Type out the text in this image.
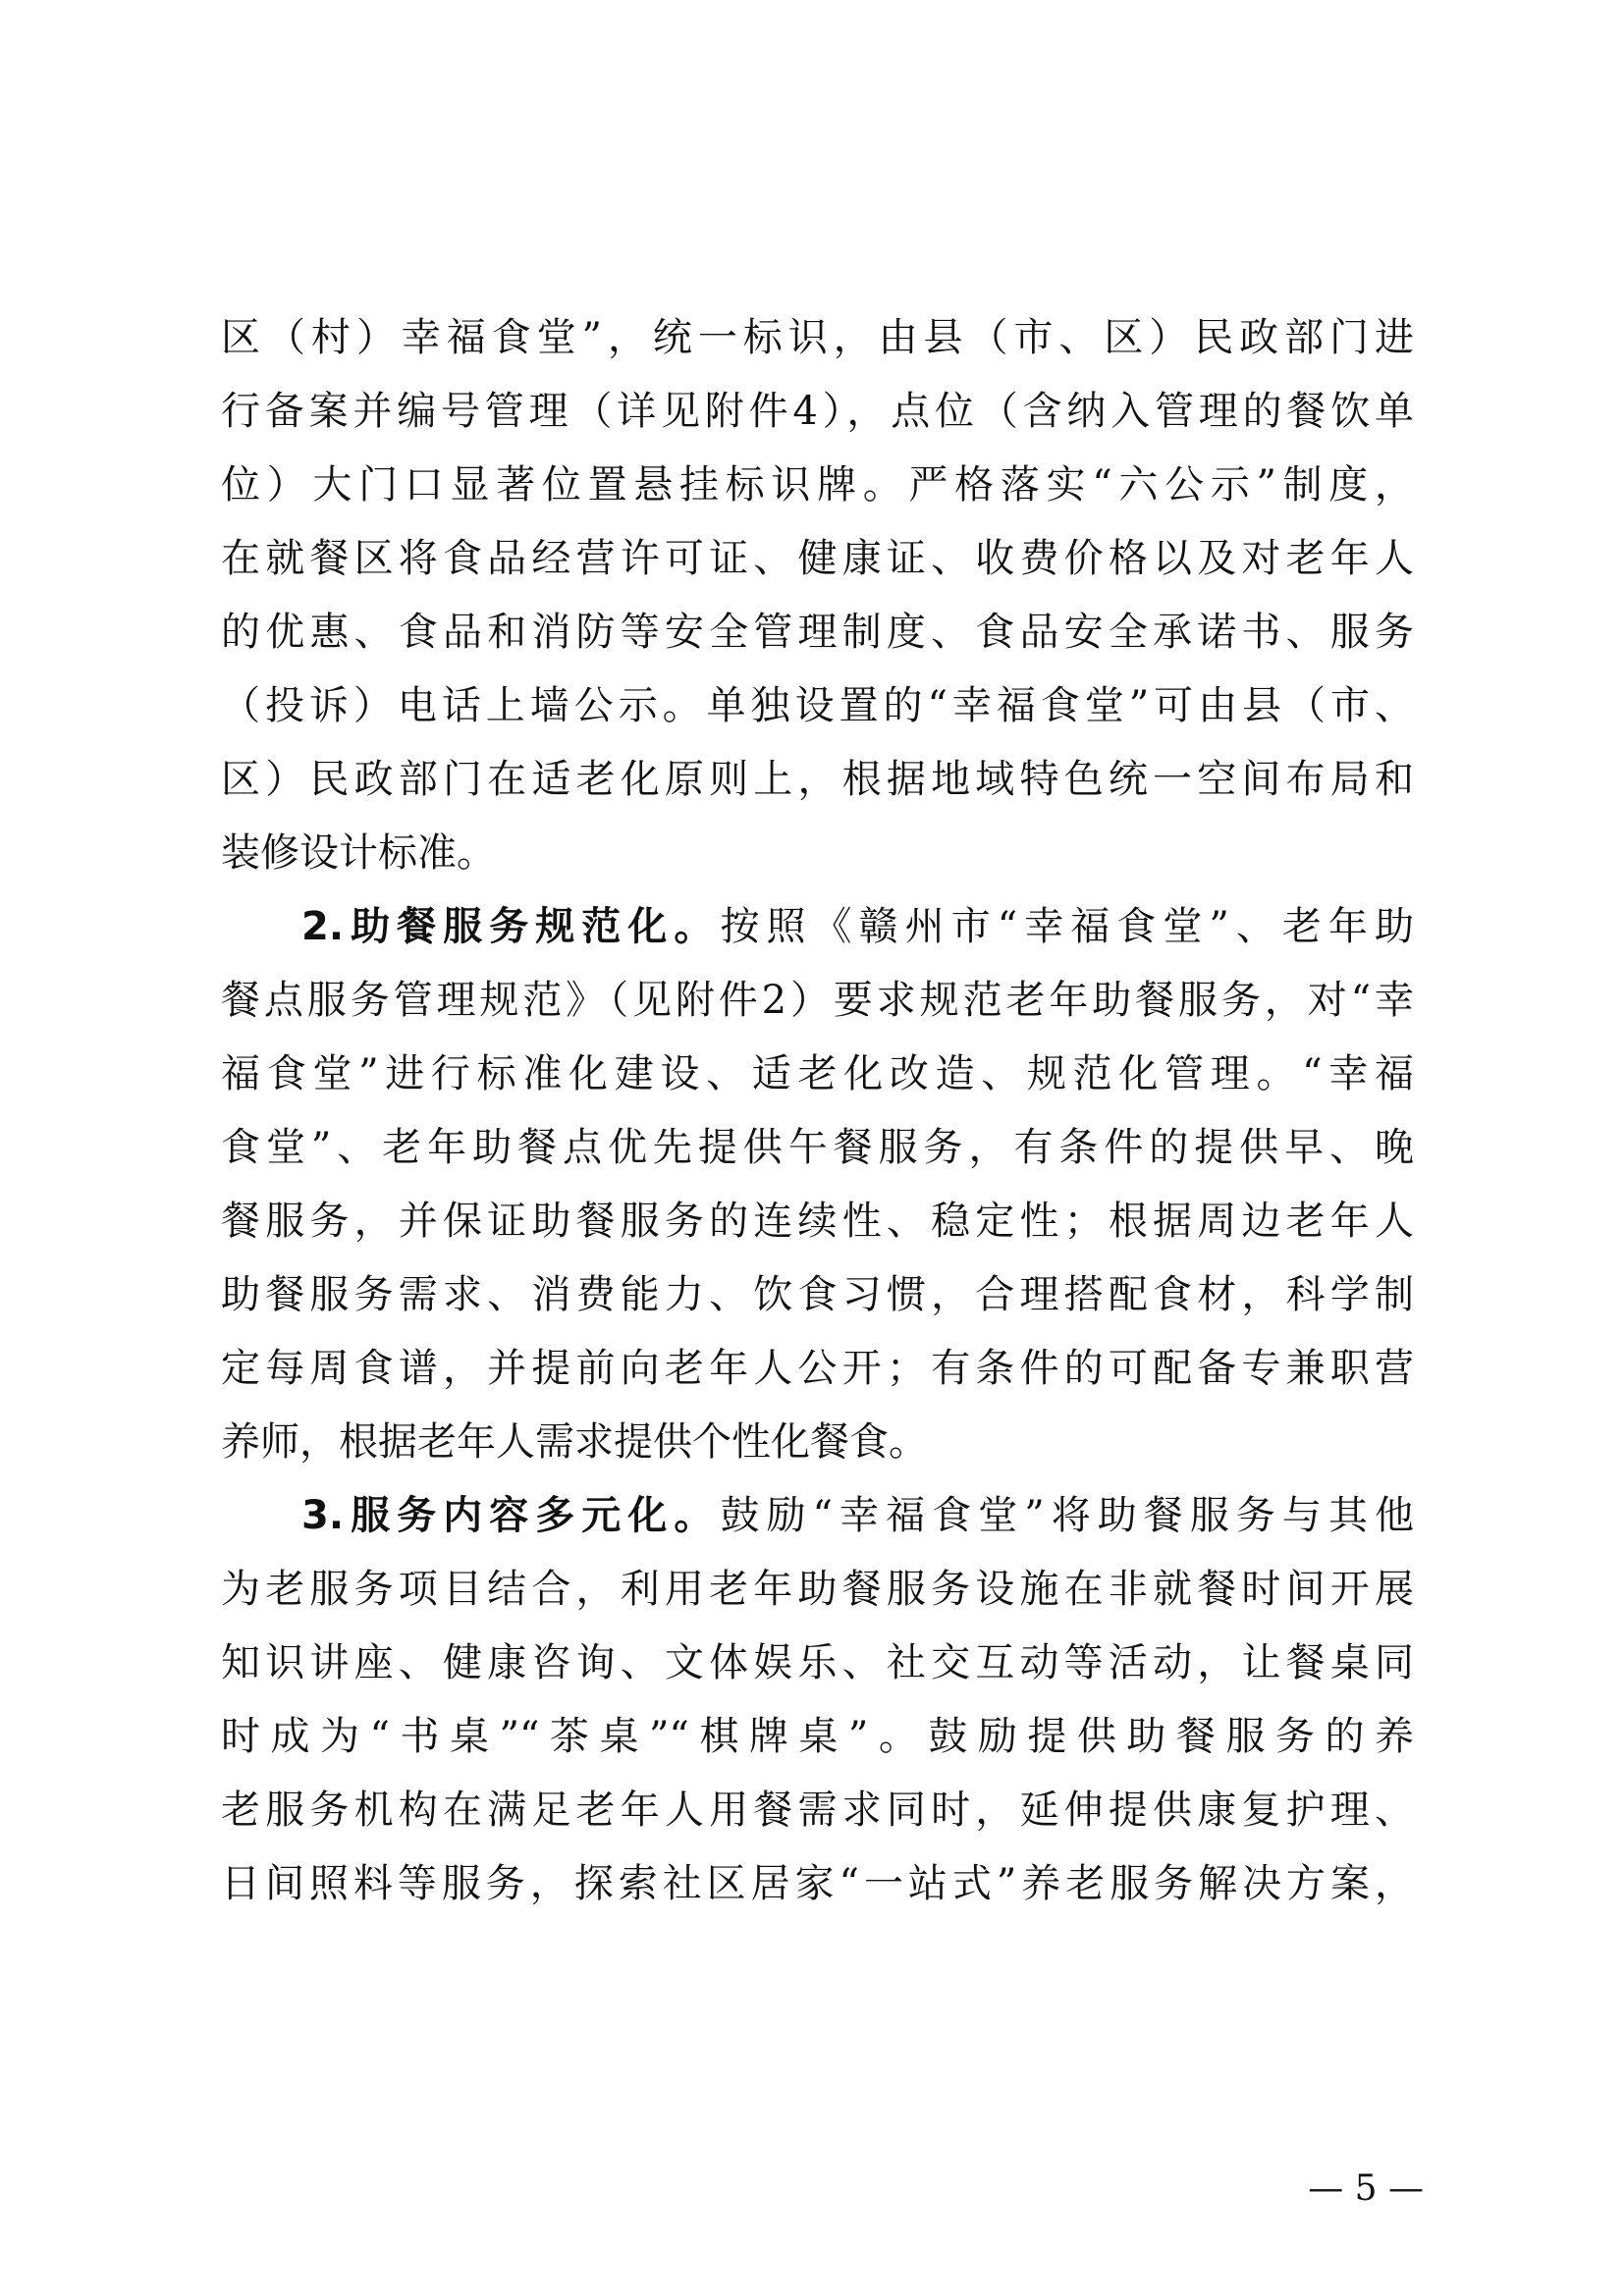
区（村）幸福食堂”，统一标识，由县（市、区）民政部门进
行备案并编号管理（详见附件4），点位（含纳入管理的餐饮单
位）大门口显著位置悬挂标识牌。严格落实“六公示”制度，
在就餐区将食品经营许可证、健康证、收费价格以及对老年人
的优惠、食品和消防等安全管理制度、食品安全承诺书、服务
（投诉）电话上墙公示。单独设置的“幸福食堂”可由县（市、
区）民政部门在适老化原则上，根据地域特色统一空间布局和
装修设计标准。
2.助餐服务规范化。按照《赣州市“幸福食堂”、老年助
餐点服务管理规范》（见附件2）要求规范老年助餐服务，对“幸
福食堂”进行标准化建设、适老化改造、规范化管理。“幸福
食堂”、老年助餐点优先提供午餐服务，有条件的提供早、晚
餐服务，并保证助餐服务的连续性、稳定性；根据周边老年人
助餐服务需求、消费能力、饮食习惯，合理搭配食材，科学制
定每周食谱，并提前向老年人公开；有条件的可配备专兼职营
养师，根据老年人需求提供个性化餐食。
3.服务内容多元化。鼓励“幸福食堂”将助餐服务与其他
为老服务项目结合，利用老年助餐服务设施在非就餐时间开展
知识讲座、健康咨询、文体娱乐、社交互动等活动，让餐桌同
时成为“书桌”“茶桌”“棋牌桌”。鼓励提供助餐服务的养
老服务机构在满足老年人用餐需求同时，延伸提供康复护理、
日间照料等服务，探索社区居家“一站式”养老服务解决方案，
— 5 —
